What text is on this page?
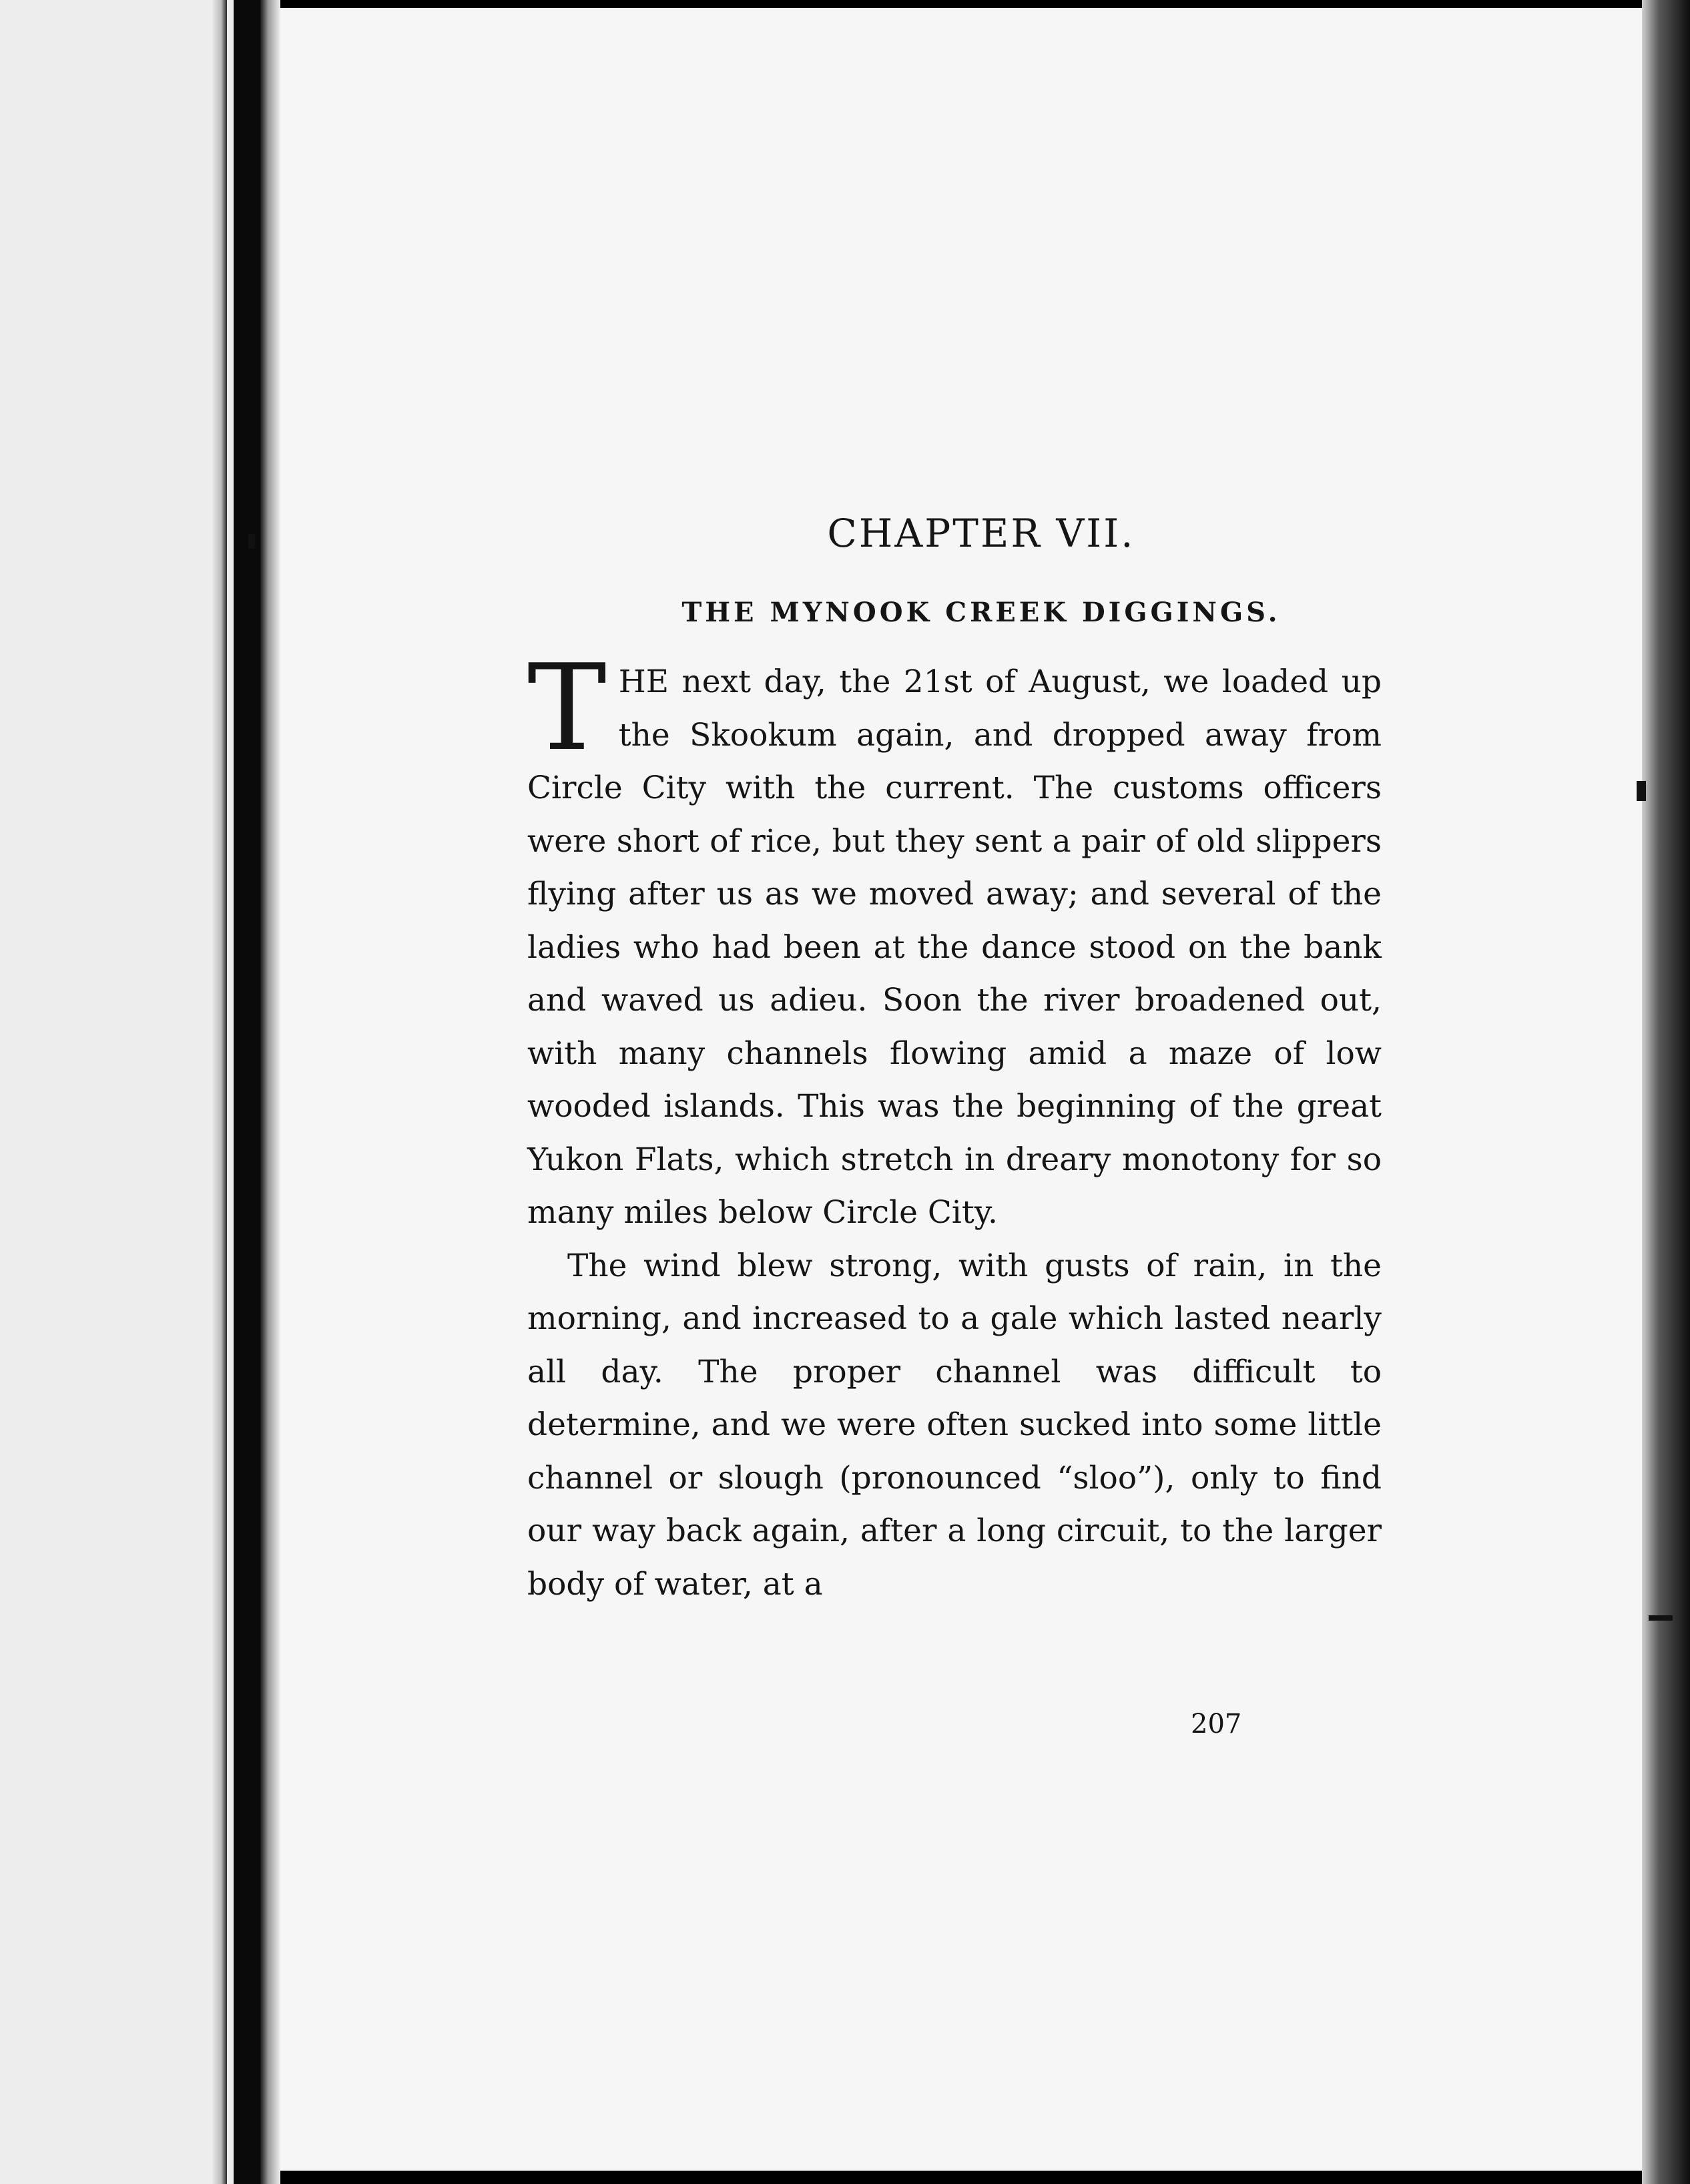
CHAPTER VII.
THE MYNOOK CREEK DIGGINGS.

THE next day, the 21st of August, we loaded up the Skookum again, and dropped away from Circle City with the current. The customs officers were short of rice, but they sent a pair of old slippers flying after us as we moved away; and several of the ladies who had been at the dance stood on the bank and waved us adieu. Soon the river broadened out, with many channels flowing amid a maze of low wooded islands. This was the beginning of the great Yukon Flats, which stretch in dreary monotony for so many miles below Circle City.

The wind blew strong, with gusts of rain, in the morning, and increased to a gale which lasted nearly all day. The proper channel was difficult to determine, and we were often sucked into some little channel or slough (pronounced “sloo”), only to find our way back again, after a long circuit, to the larger body of water, at a

207
